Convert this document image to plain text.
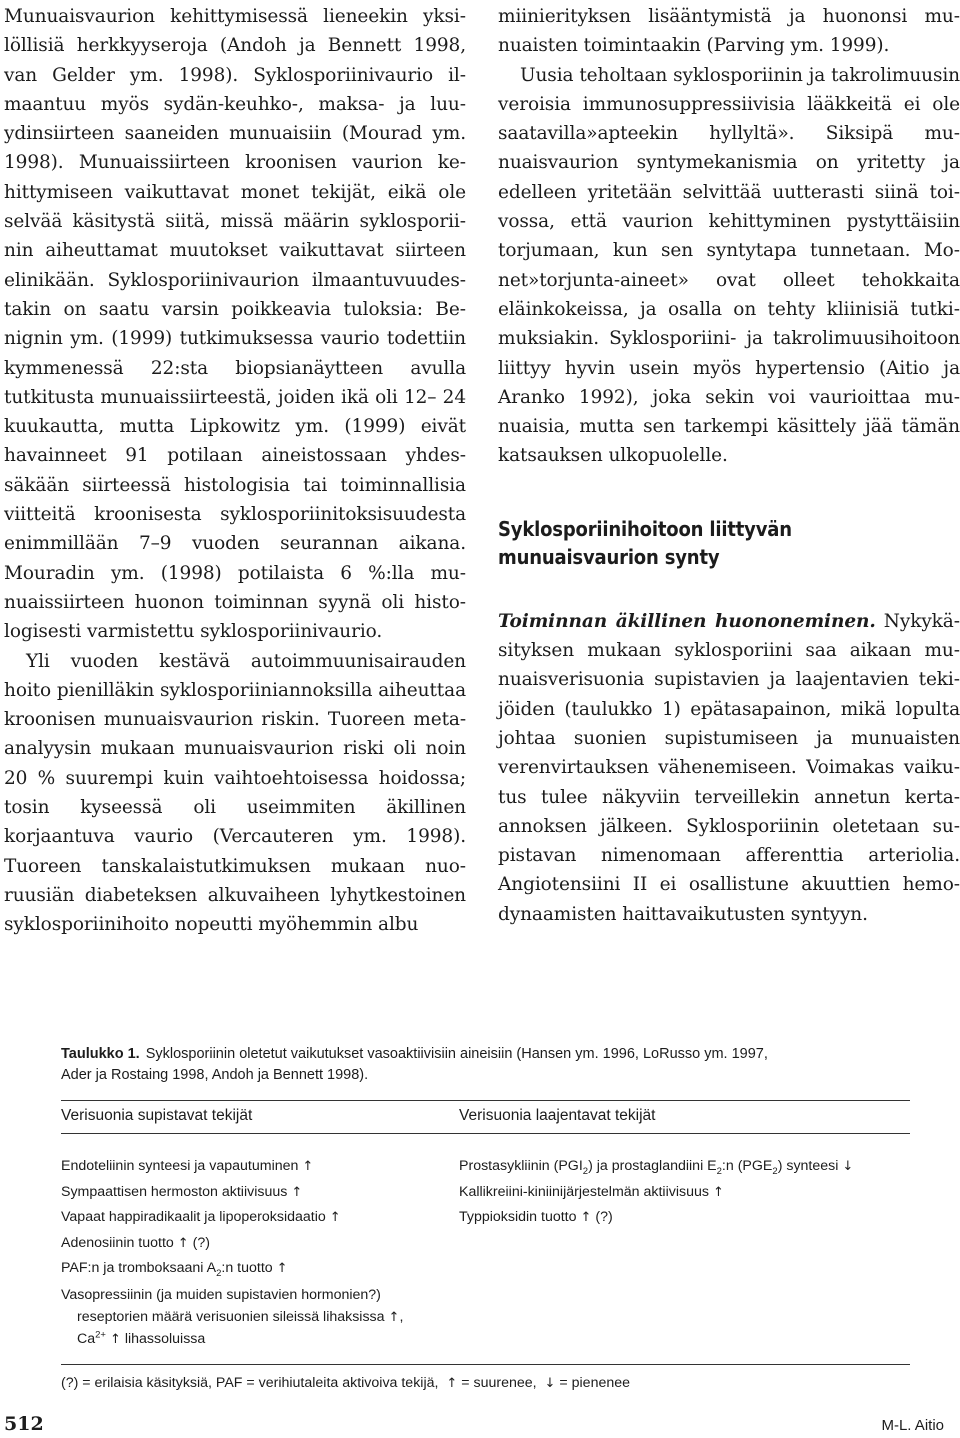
Munuaisvaurion kehittymisessä lieneekin yksilöllisiä herkkyyseroja (Andoh ja Bennett 1998, van Gelder ym. 1998). Syklosporiinivaurio ilmaantuu myös sydän-keuhko-, maksa- ja luuydinsiirteen saaneiden munuaisiin (Mourad ym. 1998). Munuaissiirteen kroonisen vaurion kehittymiseen vaikuttavat monet tekijät, eikä ole selvää käsitystä siitä, missä määrin syklosporiinin aiheuttamat muutokset vaikuttavat siirteen elinikään. Syklosporiinivaurion ilmaantuvuudestakin on saatu varsin poikkeavia tuloksia: Benignin ym. (1999) tutkimuksessa vaurio todettiin kymmenessä 22:sta biopsianäytteen avulla tutkitusta munuaissiirteestä, joiden ikä oli 12– 24 kuukautta, mutta Lipkowitz ym. (1999) eivät havainneet 91 potilaan aineistossaan yhdessäkään siirteessä histologisia tai toiminnallisia viitteitä kroonisesta syklosporiinitoksisuudesta enimmillään 7–9 vuoden seurannan aikana. Mouradin ym. (1998) potilaista 6 %:lla munuaissiirteen huonon toiminnan syynä oli histologisesti varmistettu syklosporiinivaurio.

Yli vuoden kestävä autoimmuunisairauden hoito pienilläkin syklosporiiniannoksilla aiheuttaa kroonisen munuaisvaurion riskin. Tuoreen meta-analyysin mukaan munuaisvaurion riski oli noin 20 % suurempi kuin vaihtoehtoisessa hoidossa; tosin kyseessä oli useimmiten äkillinen korjaantuva vaurio (Vercauteren ym. 1998). Tuoreen tanskalaistutkimuksen mukaan nuoruusiän diabeteksen alkuvaiheen lyhytkestoinen syklosporiinihoito nopeutti myöhemmin albu

miinierityksen lisääntymistä ja huononsi munuaisten toimintaakin (Parving ym. 1999).

Uusia teholtaan syklosporiinin ja takrolimuusin veroisia immunosuppressiivisia lääkkeitä ei ole saatavilla»apteekin hyllyltä». Siksipä munuaisvaurion syntymekanismia on yritetty ja edelleen yritetään selvittää uutterasti siinä toivossa, että vaurion kehittyminen pystyttäisiin torjumaan, kun sen syntytapa tunnetaan. Monet»torjunta-aineet» ovat olleet tehokkaita eläinkokeissa, ja osalla on tehty kliinisiä tutkimuksiakin. Syklosporiini- ja takrolimuusihoitoon liittyy hyvin usein myös hypertensio (Aitio ja Aranko 1992), joka sekin voi vaurioittaa munuaisia, mutta sen tarkempi käsittely jää tämän katsauksen ulkopuolelle.

Syklosporiinihoitoon liittyvän
munuaisvaurion synty

Toiminnan äkillinen huononeminen. Nykykäsityksen mukaan syklosporiini saa aikaan munuaisverisuonia supistavien ja laajentavien tekijöiden (taulukko 1) epätasapainon, mikä lopulta johtaa suonien supistumiseen ja munuaisten verenvirtauksen vähenemiseen. Voimakas vaikutus tulee näkyviin terveillekin annetun kertaannoksen jälkeen. Syklosporiinin oletetaan supistavan nimenomaan afferenttia arteriolia. Angiotensiini II ei osallistune akuuttien hemodynaamisten haittavaikutusten syntyyn.

Taulukko 1. Syklosporiinin oletetut vaikutukset vasoaktiivisiin aineisiin (Hansen ym. 1996, LoRusso ym. 1997,
Ader ja Rostaing 1998, Andoh ja Bennett 1998).
Verisuonia supistavat tekijät	Verisuonia laajentavat tekijät
Endoteliinin synteesi ja vapautuminen ↑
Sympaattisen hermoston aktiivisuus ↑
Vapaat happiradikaalit ja lipoperoksidaatio ↑
Adenosiinin tuotto ↑ (?)
PAF:n ja tromboksaani $A_2:n$ tuotto ↑
Vasopressiinin (ja muiden supistavien hormonien?)
reseptorien määrä verisuonien sileissä lihaksissa ↑,
$Ca^{2+}$ ↑ lihassoluissa
Prostasykliinin $(PGI_2)$ ja prostaglandiini $E_2:n$ $(PGE_2)$ synteesi ↓
Kallikreiini-kiniinijärjestelmän aktiivisuus ↑
Typpioksidin tuotto ↑ (?)
(?) = erilaisia käsityksiä, PAF = verihiutaleita aktivoiva tekijä, ↑ = suurenee, ↓ = pienenee
512	M-L. Aitio
